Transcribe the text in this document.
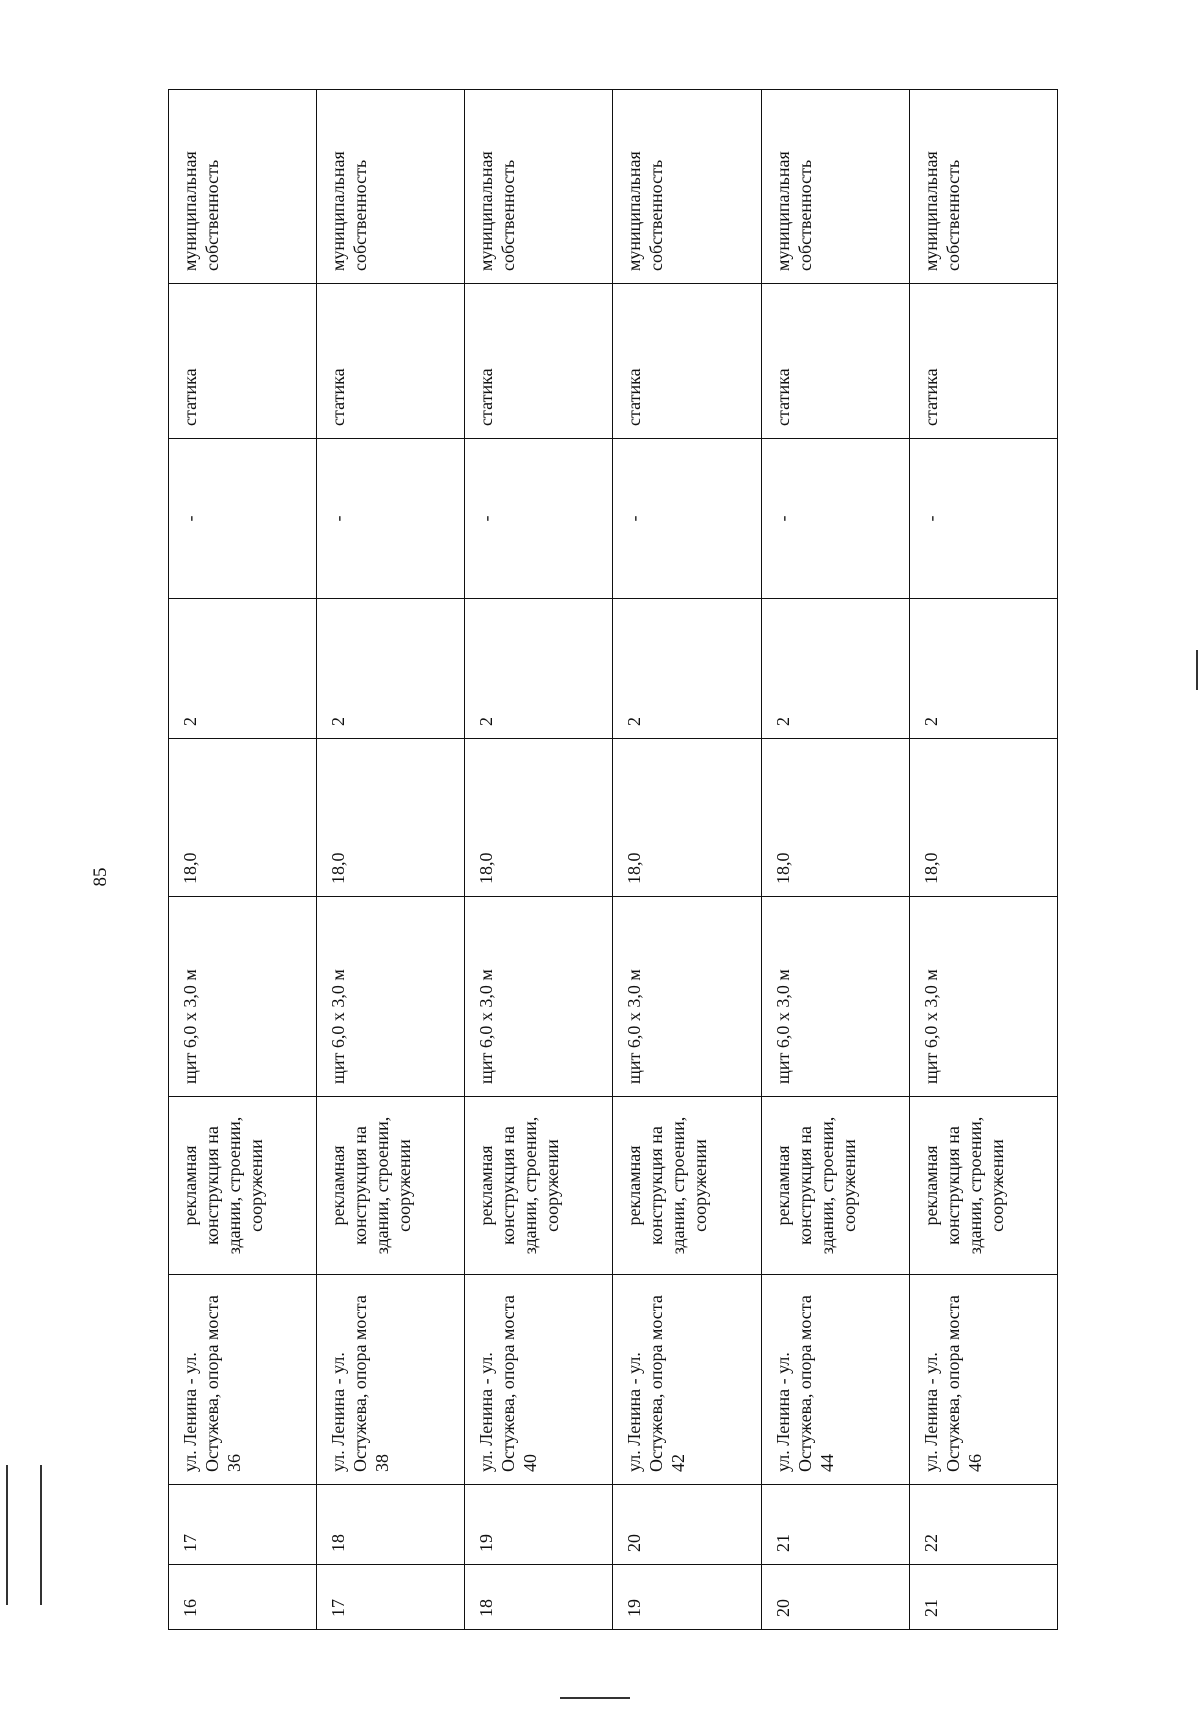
85
16	17	ул. Ленина - ул. Остужева, опора моста 36	рекламная конструкция на здании, строении, сооружении	щит 6,0 х 3,0 м	18,0	2	-	статика	муниципальная собственность
17	18	ул. Ленина - ул. Остужева, опора моста 38	рекламная конструкция на здании, строении, сооружении	щит 6,0 х 3,0 м	18,0	2	-	статика	муниципальная собственность
18	19	ул. Ленина - ул. Остужева, опора моста 40	рекламная конструкция на здании, строении, сооружении	щит 6,0 х 3,0 м	18,0	2	-	статика	муниципальная собственность
19	20	ул. Ленина - ул. Остужева, опора моста 42	рекламная конструкция на здании, строении, сооружении	щит 6,0 х 3,0 м	18,0	2	-	статика	муниципальная собственность
20	21	ул. Ленина - ул. Остужева, опора моста 44	рекламная конструкция на здании, строении, сооружении	щит 6,0 х 3,0 м	18,0	2	-	статика	муниципальная собственность
21	22	ул. Ленина - ул. Остужева, опора моста 46	рекламная конструкция на здании, строении, сооружении	щит 6,0 х 3,0 м	18,0	2	-	статика	муниципальная собственность
